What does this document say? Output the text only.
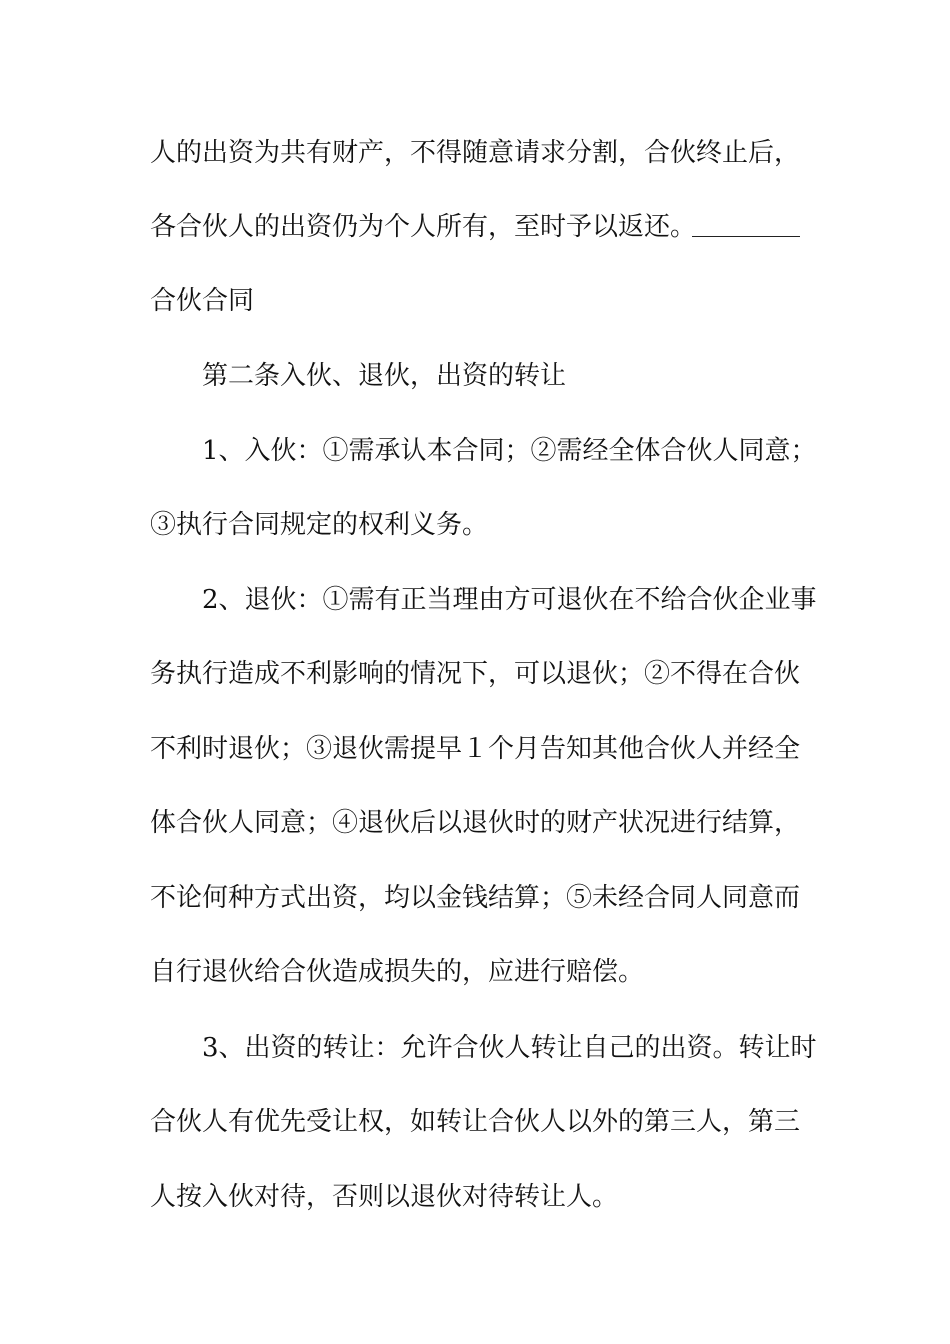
人的出资为共有财产，不得随意请求分割，合伙终止后，
各合伙人的出资仍为个人所有，至时予以返还。
合伙合同
第二条入伙、退伙，出资的转让
1、入伙：①需承认本合同；②需经全体合伙人同意；
③执行合同规定的权利义务。
2、退伙：①需有正当理由方可退伙在不给合伙企业事
务执行造成不利影响的情况下，可以退伙；②不得在合伙
不利时退伙；③退伙需提早１个月告知其他合伙人并经全
体合伙人同意；④退伙后以退伙时的财产状况进行结算，
不论何种方式出资，均以金钱结算；⑤未经合同人同意而
自行退伙给合伙造成损失的，应进行赔偿。
3、出资的转让：允许合伙人转让自己的出资。转让时
合伙人有优先受让权，如转让合伙人以外的第三人，第三
人按入伙对待，否则以退伙对待转让人。
